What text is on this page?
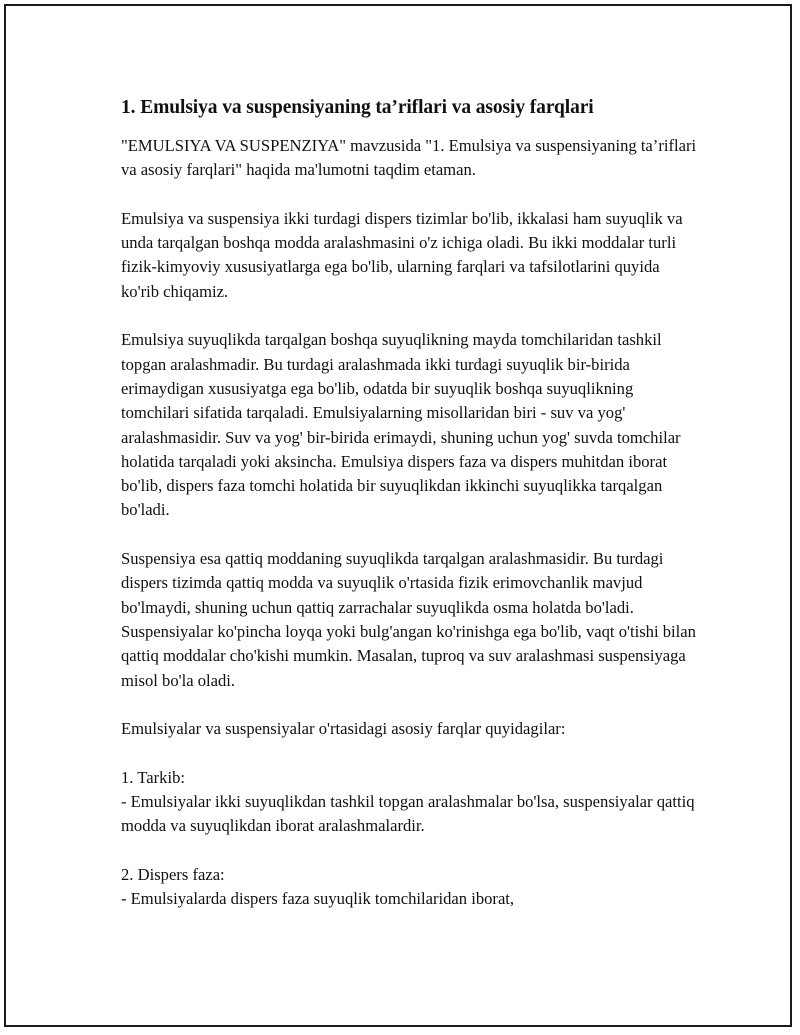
1. Emulsiya va suspensiyaning ta’riflari va asosiy farqlari

"EMULSIYA VA SUSPENZIYA" mavzusida "1. Emulsiya va suspensiyaning ta’riflari va asosiy farqlari" haqida ma'lumotni taqdim etaman.

Emulsiya va suspensiya ikki turdagi dispers tizimlar bo'lib, ikkalasi ham suyuqlik va unda tarqalgan boshqa modda aralashmasini o'z ichiga oladi. Bu ikki moddalar turli fizik-kimyoviy xususiyatlarga ega bo'lib, ularning farqlari va tafsilotlarini quyida ko'rib chiqamiz.

Emulsiya suyuqlikda tarqalgan boshqa suyuqlikning mayda tomchilaridan tashkil topgan aralashmadir. Bu turdagi aralashmada ikki turdagi suyuqlik bir-birida erimaydigan xususiyatga ega bo'lib, odatda bir suyuqlik boshqa suyuqlikning tomchilari sifatida tarqaladi. Emulsiyalarning misollaridan biri - suv va yog' aralashmasidir. Suv va yog' bir-birida erimaydi, shuning uchun yog' suvda tomchilar holatida tarqaladi yoki aksincha. Emulsiya dispers faza va dispers muhitdan iborat bo'lib, dispers faza tomchi holatida bir suyuqlikdan ikkinchi suyuqlikka tarqalgan bo'ladi.

Suspensiya esa qattiq moddaning suyuqlikda tarqalgan aralashmasidir. Bu turdagi dispers tizimda qattiq modda va suyuqlik o'rtasida fizik erimovchanlik mavjud bo'lmaydi, shuning uchun qattiq zarrachalar suyuqlikda osma holatda bo'ladi. Suspensiyalar ko'pincha loyqa yoki bulg'angan ko'rinishga ega bo'lib, vaqt o'tishi bilan qattiq moddalar cho'kishi mumkin. Masalan, tuproq va suv aralashmasi suspensiyaga misol bo'la oladi.

Emulsiyalar va suspensiyalar o'rtasidagi asosiy farqlar quyidagilar:

1. Tarkib:
- Emulsiyalar ikki suyuqlikdan tashkil topgan aralashmalar bo'lsa, suspensiyalar qattiq modda va suyuqlikdan iborat aralashmalardir.

2. Dispers faza:
- Emulsiyalarda dispers faza suyuqlik tomchilaridan iborat,
